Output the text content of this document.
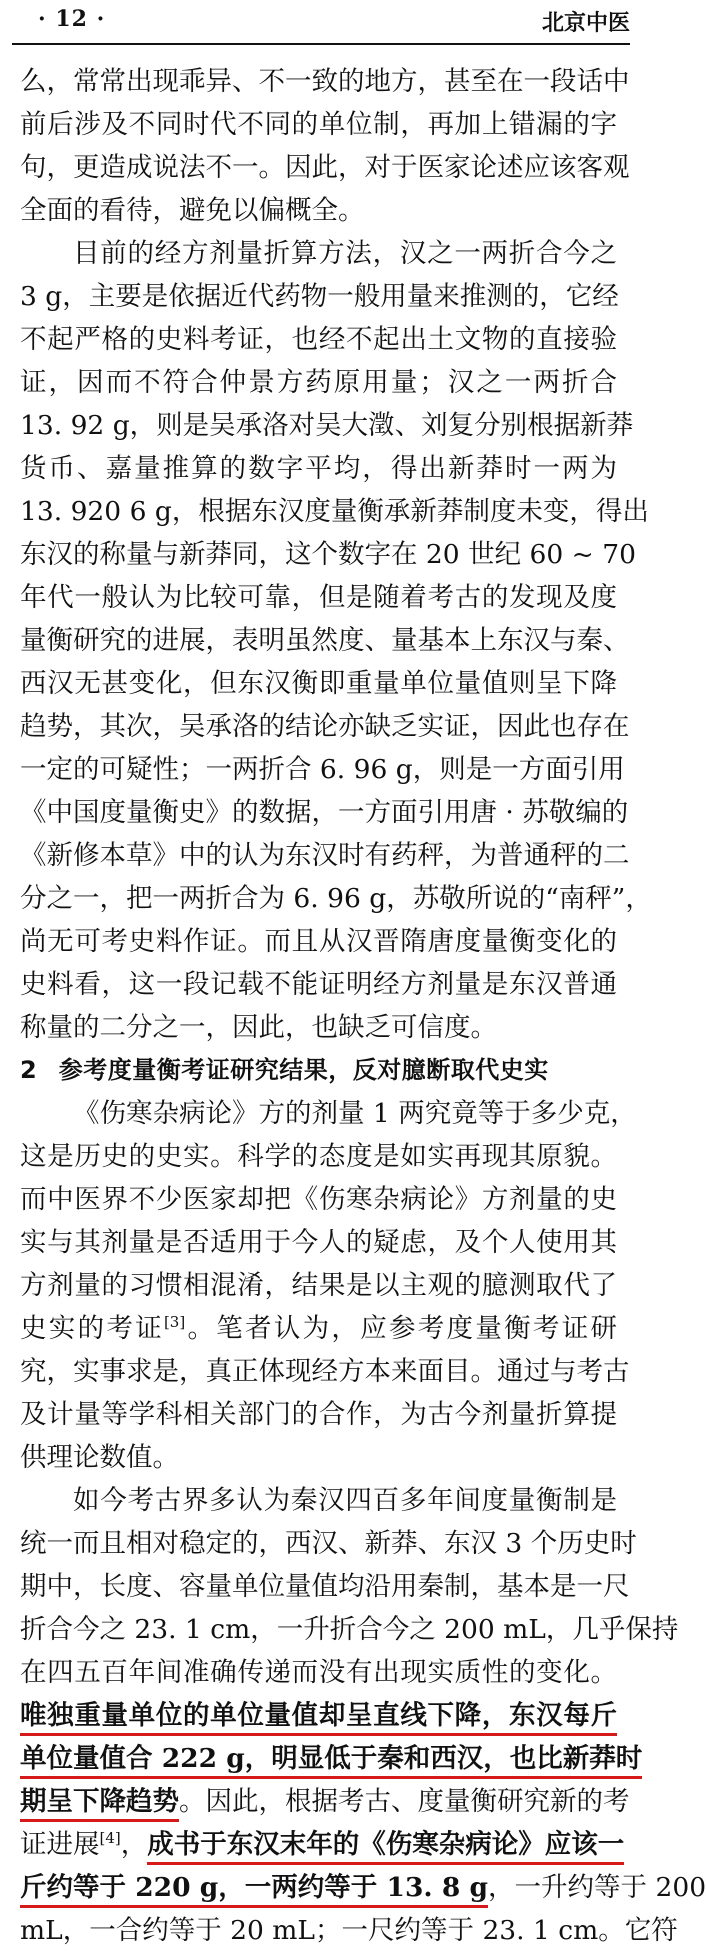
· 12 ·	北京中医
么，常常出现乖异、不一致的地方，甚至在一段话中
前后涉及不同时代不同的单位制，再加上错漏的字
句，更造成说法不一。因此，对于医家论述应该客观
全面的看待，避免以偏概全。
目前的经方剂量折算方法，汉之一两折合今之
3 g，主要是依据近代药物一般用量来推测的，它经
不起严格的史料考证，也经不起出土文物的直接验
证，因而不符合仲景方药原用量；汉之一两折合
13. 92 g，则是吴承洛对吴大澂、刘复分别根据新莽
货币、嘉量推算的数字平均，得出新莽时一两为
13. 920 6 g，根据东汉度量衡承新莽制度未变，得出
东汉的称量与新莽同，这个数字在 20 世纪 60 ~ 70
年代一般认为比较可靠，但是随着考古的发现及度
量衡研究的进展，表明虽然度、量基本上东汉与秦、
西汉无甚变化，但东汉衡即重量单位量值则呈下降
趋势，其次，吴承洛的结论亦缺乏实证，因此也存在
一定的可疑性；一两折合 6. 96 g，则是一方面引用
《中国度量衡史》的数据，一方面引用唐 · 苏敬编的
《新修本草》中的认为东汉时有药秤，为普通秤的二
分之一，把一两折合为 6. 96 g，苏敬所说的“南秤”，
尚无可考史料作证。而且从汉晋隋唐度量衡变化的
史料看，这一段记载不能证明经方剂量是东汉普通
称量的二分之一，因此，也缺乏可信度。
2 参考度量衡考证研究结果，反对臆断取代史实
《伤寒杂病论》方的剂量 1 两究竟等于多少克，
这是历史的史实。科学的态度是如实再现其原貌。
而中医界不少医家却把《伤寒杂病论》方剂量的史
实与其剂量是否适用于今人的疑虑，及个人使用其
方剂量的习惯相混淆，结果是以主观的臆测取代了
史实的考证[3]。笔者认为，应参考度量衡考证研
究，实事求是，真正体现经方本来面目。通过与考古
及计量等学科相关部门的合作，为古今剂量折算提
供理论数值。
如今考古界多认为秦汉四百多年间度量衡制是
统一而且相对稳定的，西汉、新莽、东汉 3 个历史时
期中，长度、容量单位量值均沿用秦制，基本是一尺
折合今之 23. 1 cm，一升折合今之 200 mL，几乎保持
在四五百年间准确传递而没有出现实质性的变化。
唯独重量单位的单位量值却呈直线下降，东汉每斤
单位量值合 222 g，明显低于秦和西汉，也比新莽时
期呈下降趋势。因此，根据考古、度量衡研究新的考
证进展[4]，成书于东汉末年的《伤寒杂病论》应该一
斤约等于 220 g，一两约等于 13. 8 g，一升约等于 200
mL，一合约等于 20 mL；一尺约等于 23. 1 cm。它符
